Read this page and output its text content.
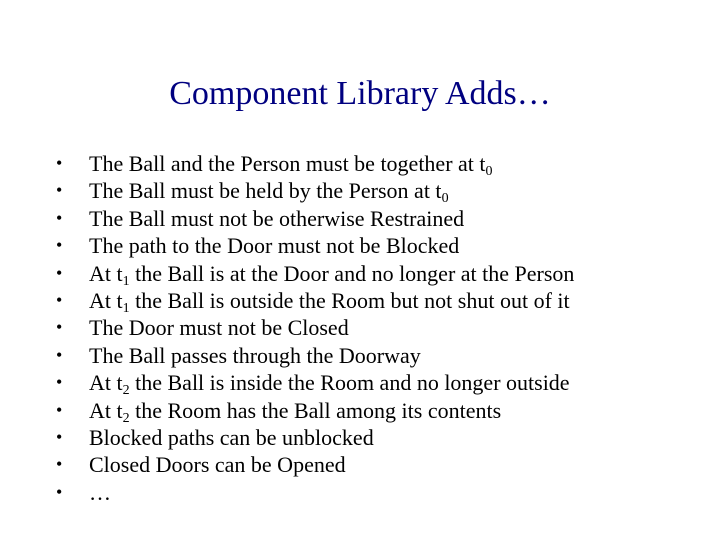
Component Library Adds…
•	The Ball and the Person must be together at $t_0$
•	The Ball must be held by the Person at $t_0$
•	The Ball must not be otherwise Restrained
•	The path to the Door must not be Blocked
•	At $t_1$ the Ball is at the Door and no longer at the Person
•	At $t_1$ the Ball is outside the Room but not shut out of it
•	The Door must not be Closed
•	The Ball passes through the Doorway
•	At $t_2$ the Ball is inside the Room and no longer outside
•	At $t_2$ the Room has the Ball among its contents
•	Blocked paths can be unblocked
•	Closed Doors can be Opened
•	…
